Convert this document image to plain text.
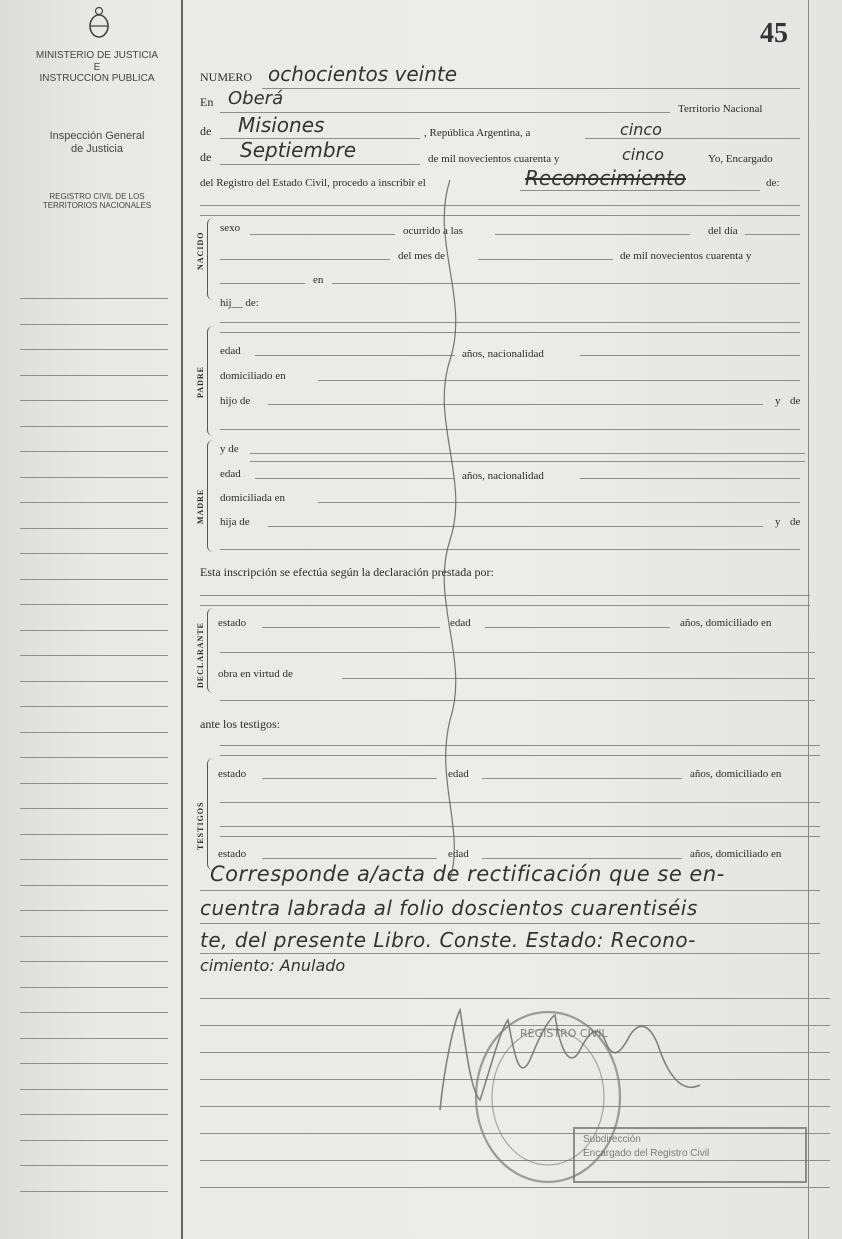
MINISTERIO DE JUSTICIA
E
INSTRUCCION PUBLICA
Inspección General
de Justicia
REGISTRO CIVIL DE LOS
TERRITORIOS NACIONALES
45
NUMERO ochocientos veinte
En Oberá	Territorio Nacional
de Misiones	, República Argentina, a	cinco
de Septiembre	de mil novecientos cuarenta y	cinco	Yo, Encargado
del Registro del Estado Civil, procedo a inscribir el	Reconocimiento	de:
NACIDO
sexo	ocurrido a las	del día
del mes de	de mil novecientos cuarenta y
en
hij__ de:
PADRE
edad	años, nacionalidad
domiciliado en
hijo de	y de
MADRE
y de
edad	años, nacionalidad
domiciliada en
hija de	y de
Esta inscripción se efectúa según la declaración prestada por:
DECLARANTE estado	edad	años, domiciliado en
obra en virtud de
ante los testigos:
TESTIGOS
estado	edad	años, domiciliado en
estado	edad	años, domiciliado en
Corresponde a/acta de rectificación que se en-
cuentra labrada al folio doscientos cuarentiséis
te, del presente Libro. Conste. Estado: Recono-
cimiento: Anulado
REGISTRO CIVIL
Subdirección
Encargado del Registro Civil
